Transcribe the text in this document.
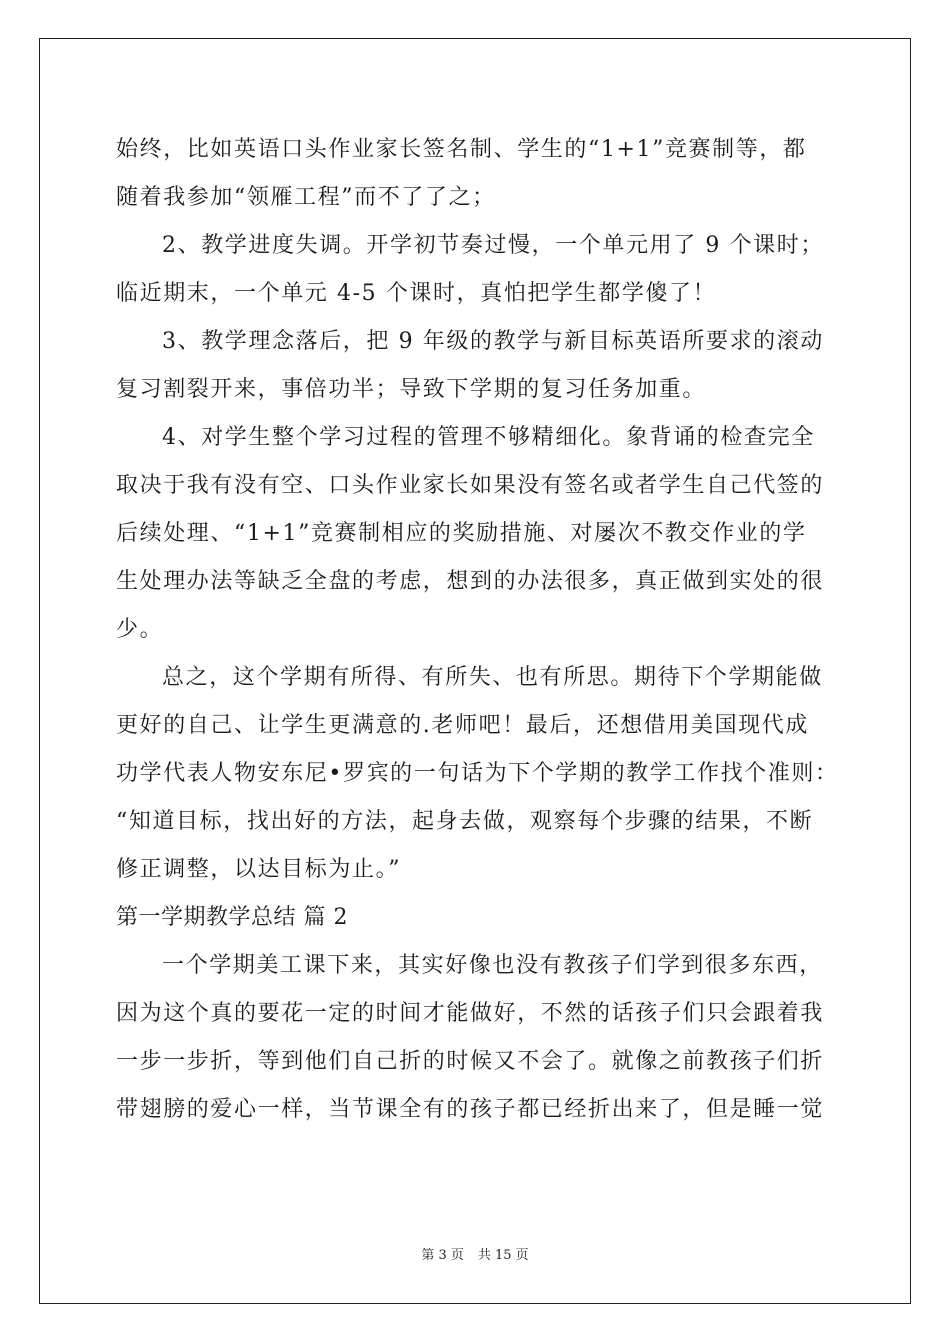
始终，比如英语口头作业家长签名制、学生的“1+1”竞赛制等，都
随着我参加“领雁工程”而不了了之；
2、教学进度失调。开学初节奏过慢，一个单元用了 9 个课时；
临近期末，一个单元 4-5 个课时，真怕把学生都学傻了！
3、教学理念落后，把 9 年级的教学与新目标英语所要求的滚动
复习割裂开来，事倍功半；导致下学期的复习任务加重。
4、对学生整个学习过程的管理不够精细化。象背诵的检查完全
取决于我有没有空、口头作业家长如果没有签名或者学生自己代签的
后续处理、“1+1”竞赛制相应的奖励措施、对屡次不教交作业的学
生处理办法等缺乏全盘的考虑，想到的办法很多，真正做到实处的很
少。
总之，这个学期有所得、有所失、也有所思。期待下个学期能做
更好的自己、让学生更满意的.老师吧！最后，还想借用美国现代成
功学代表人物安东尼•罗宾的一句话为下个学期的教学工作找个准则：
“知道目标，找出好的方法，起身去做，观察每个步骤的结果，不断
修正调整，以达目标为止。”
第一学期教学总结 篇 2
一个学期美工课下来，其实好像也没有教孩子们学到很多东西，
因为这个真的要花一定的时间才能做好，不然的话孩子们只会跟着我
一步一步折，等到他们自己折的时候又不会了。就像之前教孩子们折
带翅膀的爱心一样，当节课全有的孩子都已经折出来了，但是睡一觉
第 3 页 共 15 页
